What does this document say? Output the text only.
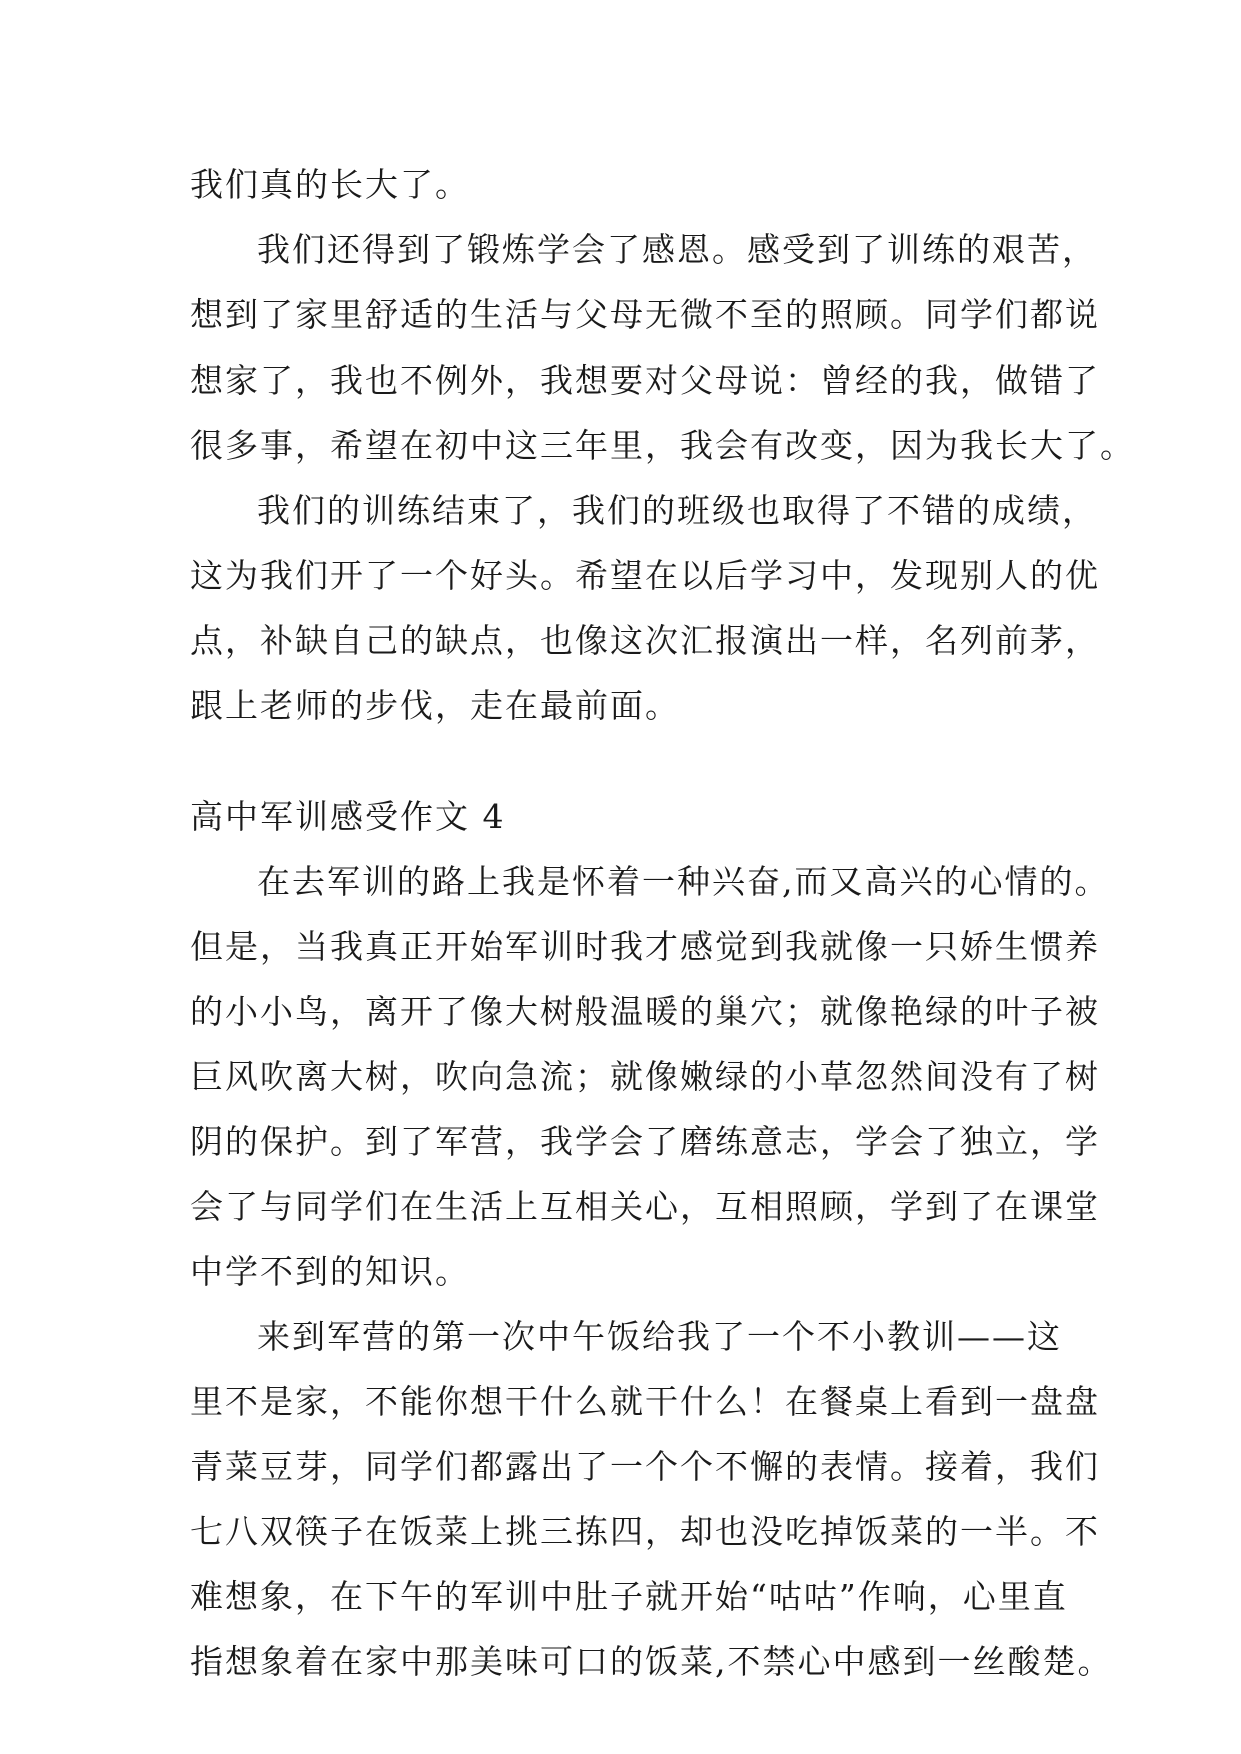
我们真的长大了。
我们还得到了锻炼学会了感恩。感受到了训练的艰苦，
想到了家里舒适的生活与父母无微不至的照顾。同学们都说
想家了，我也不例外，我想要对父母说：曾经的我，做错了
很多事，希望在初中这三年里，我会有改变，因为我长大了。
我们的训练结束了，我们的班级也取得了不错的成绩，
这为我们开了一个好头。希望在以后学习中，发现别人的优
点，补缺自己的缺点，也像这次汇报演出一样，名列前茅，
跟上老师的步伐，走在最前面。
高中军训感受作文 4
在去军训的路上我是怀着一种兴奋,而又高兴的心情的。
但是，当我真正开始军训时我才感觉到我就像一只娇生惯养
的小小鸟，离开了像大树般温暖的巢穴；就像艳绿的叶子被
巨风吹离大树，吹向急流；就像嫩绿的小草忽然间没有了树
阴的保护。到了军营，我学会了磨练意志，学会了独立，学
会了与同学们在生活上互相关心，互相照顾，学到了在课堂
中学不到的知识。
来到军营的第一次中午饭给我了一个不小教训——这
里不是家，不能你想干什么就干什么！在餐桌上看到一盘盘
青菜豆芽，同学们都露出了一个个不懈的表情。接着，我们
七八双筷子在饭菜上挑三拣四，却也没吃掉饭菜的一半。不
难想象，在下午的军训中肚子就开始“咕咕”作响，心里直
指想象着在家中那美味可口的饭菜,不禁心中感到一丝酸楚。
